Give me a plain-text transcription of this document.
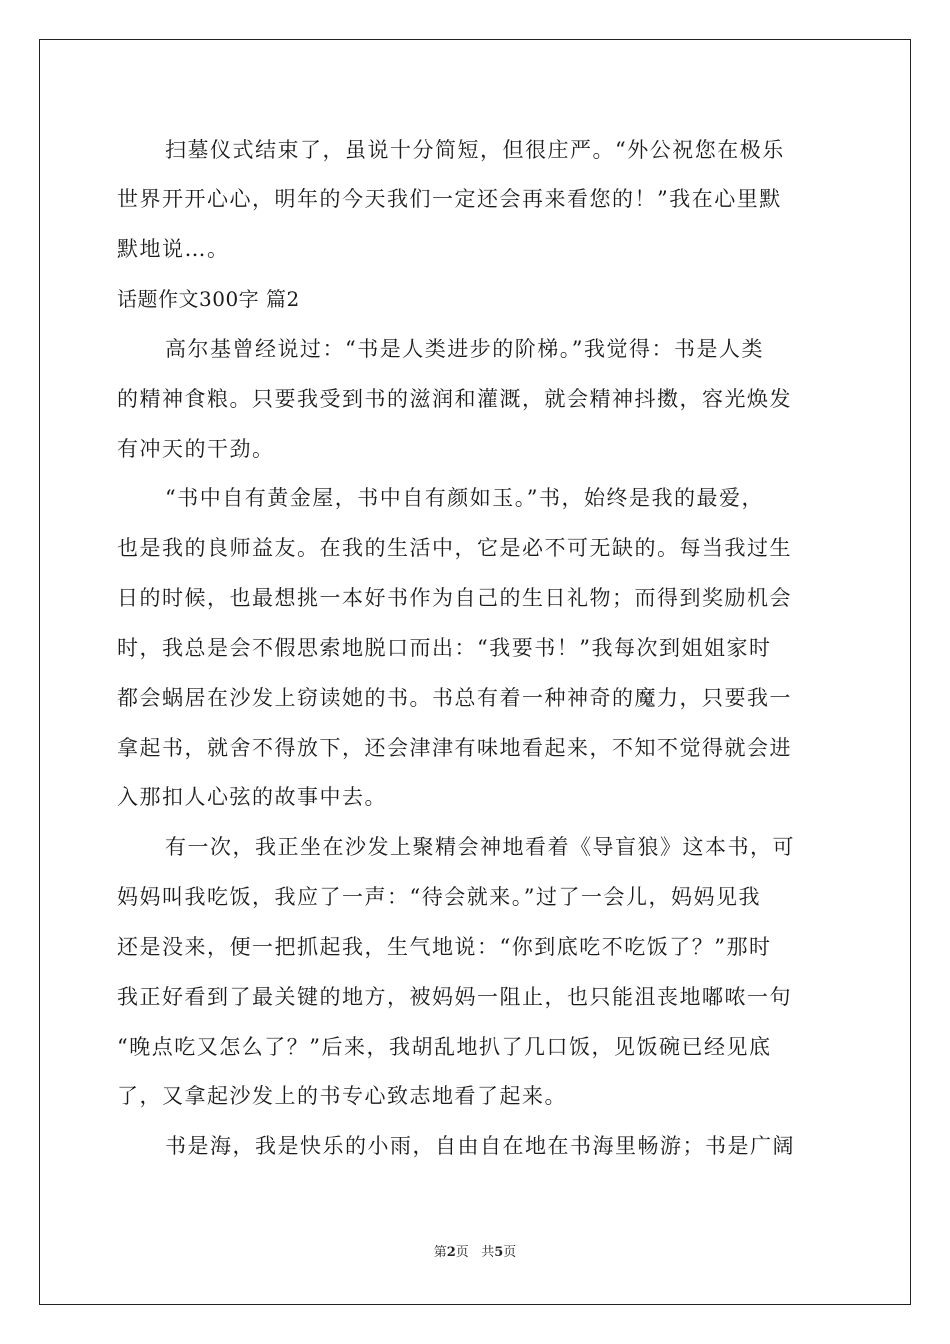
扫墓仪式结束了，虽说十分简短，但很庄严。“外公祝您在极乐

世界开开心心，明年的今天我们一定还会再来看您的！”我在心里默

默地说…。

话题作文300字 篇2

高尔基曾经说过：“书是人类进步的阶梯。”我觉得：书是人类

的精神食粮。只要我受到书的滋润和灌溉，就会精神抖擞，容光焕发

有冲天的干劲。

“书中自有黄金屋，书中自有颜如玉。”书，始终是我的最爱，

也是我的良师益友。在我的生活中，它是必不可无缺的。每当我过生

日的时候，也最想挑一本好书作为自己的生日礼物；而得到奖励机会

时，我总是会不假思索地脱口而出：“我要书！”我每次到姐姐家时

都会蜗居在沙发上窃读她的书。书总有着一种神奇的魔力，只要我一

拿起书，就舍不得放下，还会津津有味地看起来，不知不觉得就会进

入那扣人心弦的故事中去。

有一次，我正坐在沙发上聚精会神地看着《导盲狼》这本书，可

妈妈叫我吃饭，我应了一声：“待会就来。”过了一会儿，妈妈见我

还是没来，便一把抓起我，生气地说：“你到底吃不吃饭了？”那时

我正好看到了最关键的地方，被妈妈一阻止，也只能沮丧地嘟哝一句

“晚点吃又怎么了？”后来，我胡乱地扒了几口饭，见饭碗已经见底

了，又拿起沙发上的书专心致志地看了起来。

书是海，我是快乐的小雨，自由自在地在书海里畅游；书是广阔

第2页 共5页
